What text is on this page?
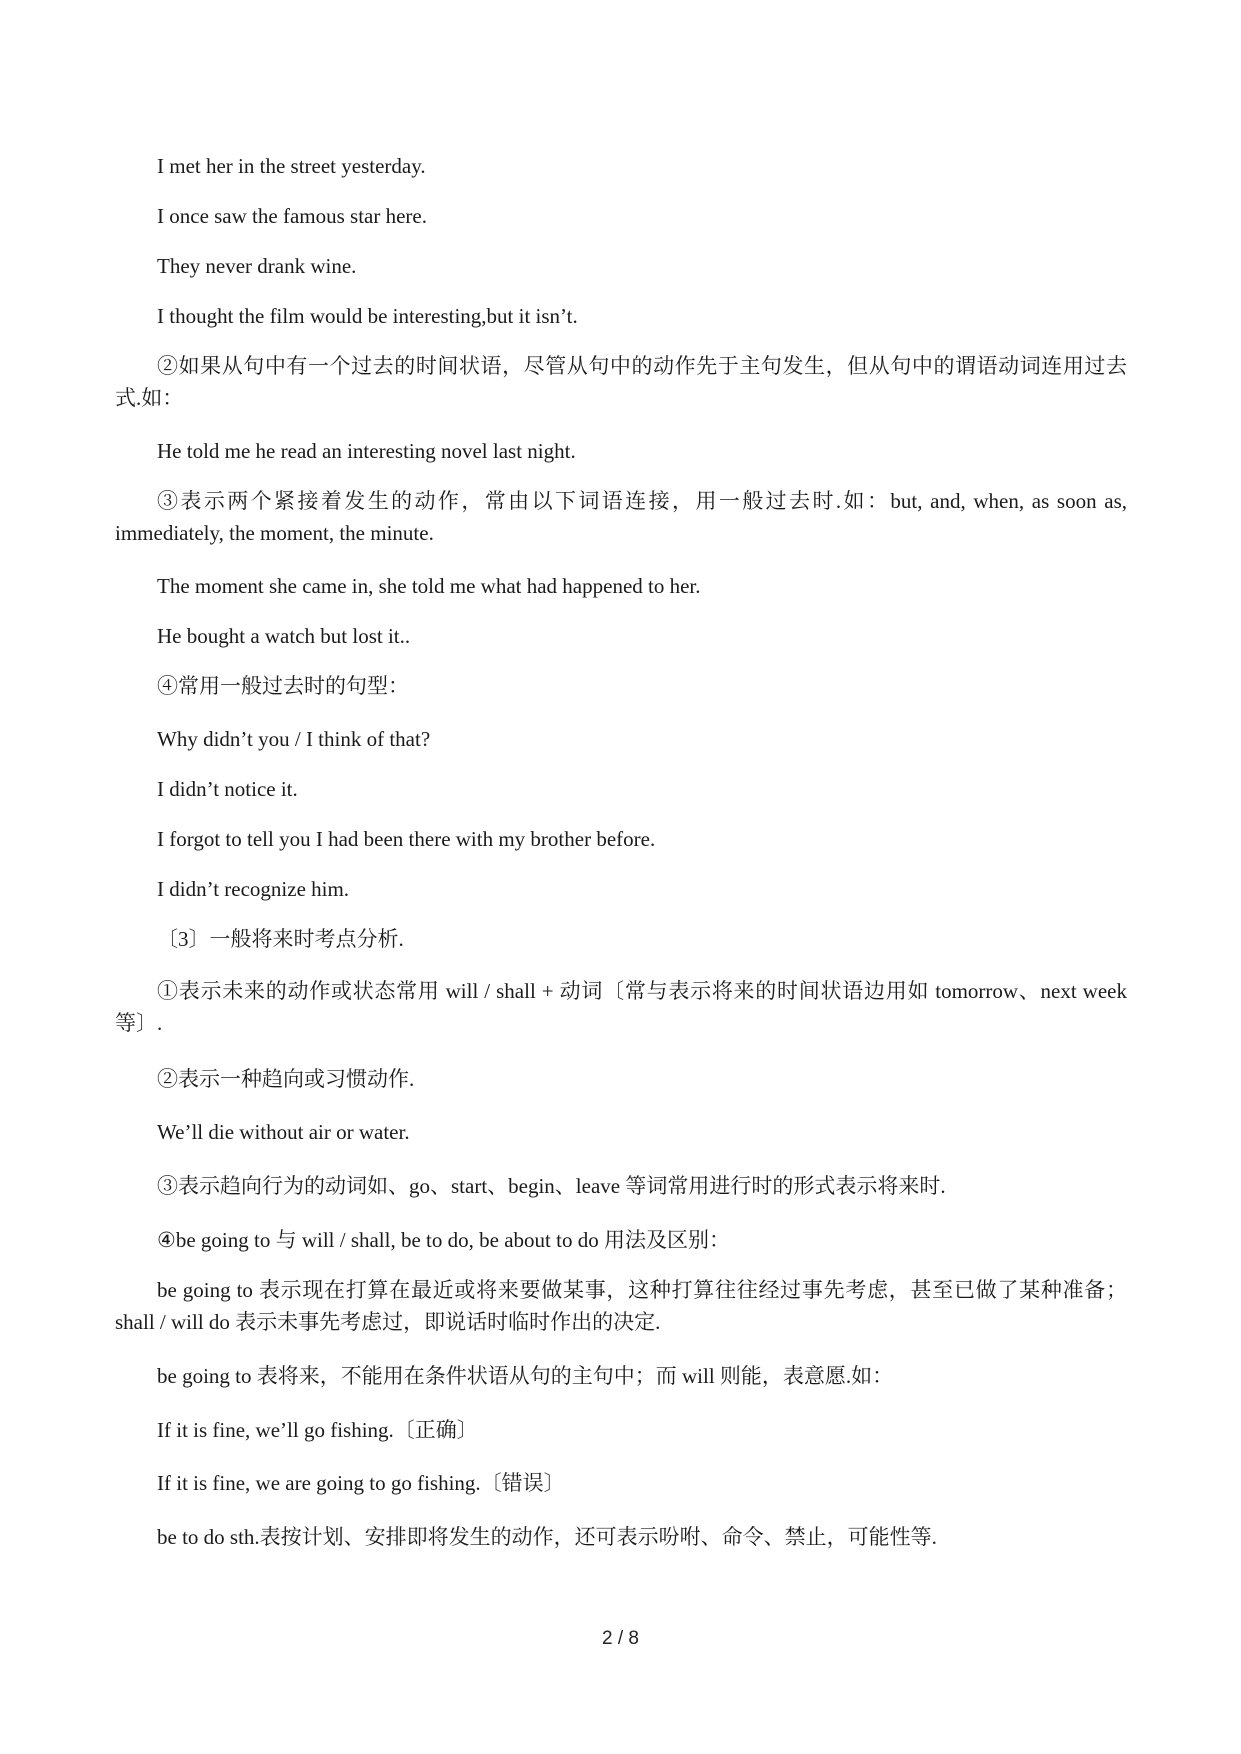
I met her in the street yesterday.
I once saw the famous star here.
They never drank wine.
I thought the film would be interesting,but it isn’t.
②如果从句中有一个过去的时间状语，尽管从句中的动作先于主句发生，但从句中的谓语动词连用过去式.如：
He told me he read an interesting novel last night.
③表示两个紧接着发生的动作，常由以下词语连接，用一般过去时.如：but, and, when, as soon as, immediately, the moment, the minute.
The moment she came in, she told me what had happened to her.
He bought a watch but lost it..
④常用一般过去时的句型：
Why didn’t you / I think of that?
I didn’t notice it.
I forgot to tell you I had been there with my brother before.
I didn’t recognize him.
〔3〕一般将来时考点分析.
①表示未来的动作或状态常用 will / shall + 动词〔常与表示将来的时间状语边用如 tomorrow、next week 等〕.
②表示一种趋向或习惯动作.
We’ll die without air or water.
③表示趋向行为的动词如、go、start、begin、leave 等词常用进行时的形式表示将来时.
④be going to 与 will / shall, be to do, be about to do 用法及区别：
be going to 表示现在打算在最近或将来要做某事，这种打算往往经过事先考虑，甚至已做了某种准备；shall / will do 表示未事先考虑过，即说话时临时作出的决定.
be going to 表将来，不能用在条件状语从句的主句中；而 will 则能，表意愿.如：
If it is fine, we’ll go fishing.〔正确〕
If it is fine, we are going to go fishing.〔错误〕
be to do sth.表按计划、安排即将发生的动作，还可表示吩咐、命令、禁止，可能性等.
2 / 8
